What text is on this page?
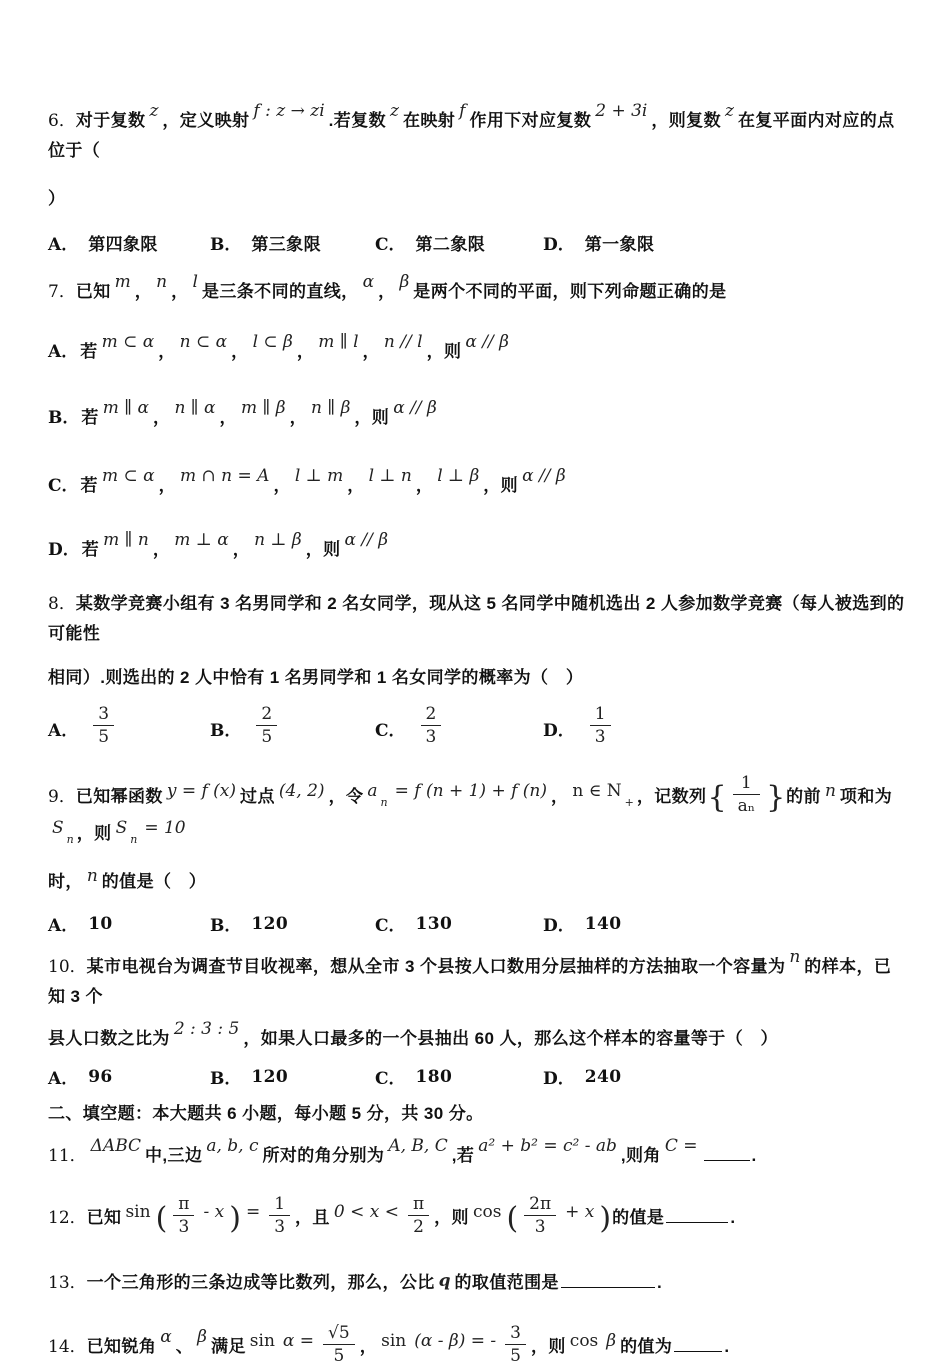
6．对于复数 z ，定义映射 f : z → zi .若复数 z 在映射 f 作用下对应复数 2 + 3i ，则复数 z 在复平面内对应的点位于（

）

A． 第四象限	B． 第三象限	C． 第二象限	D． 第一象限

7．已知 m ， n ， l 是三条不同的直线， α ， β 是两个不同的平面，则下列命题正确的是

A． 若 m ⊂ α ， n ⊂ α ， l ⊂ β ， m ∥ l ， n // l ，则 α // β

B． 若 m ∥ α ， n ∥ α ， m ∥ β ， n ∥ β ，则 α // β

C． 若 m ⊂ α ， m ∩ n = A ， l ⊥ m ， l ⊥ n ， l ⊥ β ，则 α // β

D． 若 m ∥ n ， m ⊥ α ， n ⊥ β ，则 α // β

8．某数学竞赛小组有 3 名男同学和 2 名女同学，现从这 5 名同学中随机选出 2 人参加数学竞赛（每人被选到的可能性

相同）.则选出的 2 人中恰有 1 名男同学和 1 名女同学的概率为（　）

A． $\frac{3}{5}$	B． $\frac{2}{5}$	C． $\frac{2}{3}$	D． $\frac{1}{3}$

9．已知幂函数 y = f (x) 过点 (4, 2) ，令 $a_n= f$ (n + 1) + f (n) ， n ∈ $N_+$ ，记数列{ $\frac{1}{\text{aₙ}}$ }的前 n 项和为$S_n$ ，则 $S_n= 10$

时， n 的值是（　）

A． 10	B． 120	C． 130	D． 140

10．某市电视台为调查节目收视率，想从全市 3 个县按人口数用分层抽样的方法抽取一个容量为 n 的样本，已知 3 个

县人口数之比为 2 : 3 : 5 ，如果人口最多的一个县抽出 60 人，那么这个样本的容量等于（　）

A． 96	B． 120	C． 180	D． 240

二、填空题：本大题共 6 小题，每小题 5 分，共 30 分。

11． ΔABC 中,三边 a, b, c 所对的角分别为 A, B, C ,若 a² + b² = c² - ab ,则角 C =	.

12．已知 sin ( $\frac{\pi}{3}$ - x ) = $\frac{1}{3}$ ，且 $0 < x < \frac{\pi}{2}$ ，则 cos ( $\frac{2\pi}{3} + x$ )的值是	.

13．一个三角形的三条边成等比数列，那么，公比 q 的取值范围是	.

14．已知锐角 α 、 β 满足 $\sin \alpha = \frac{√5}{5}$ ， sin (α - β) = - $\frac{3}{5}$ ，则 cos β 的值为	.
